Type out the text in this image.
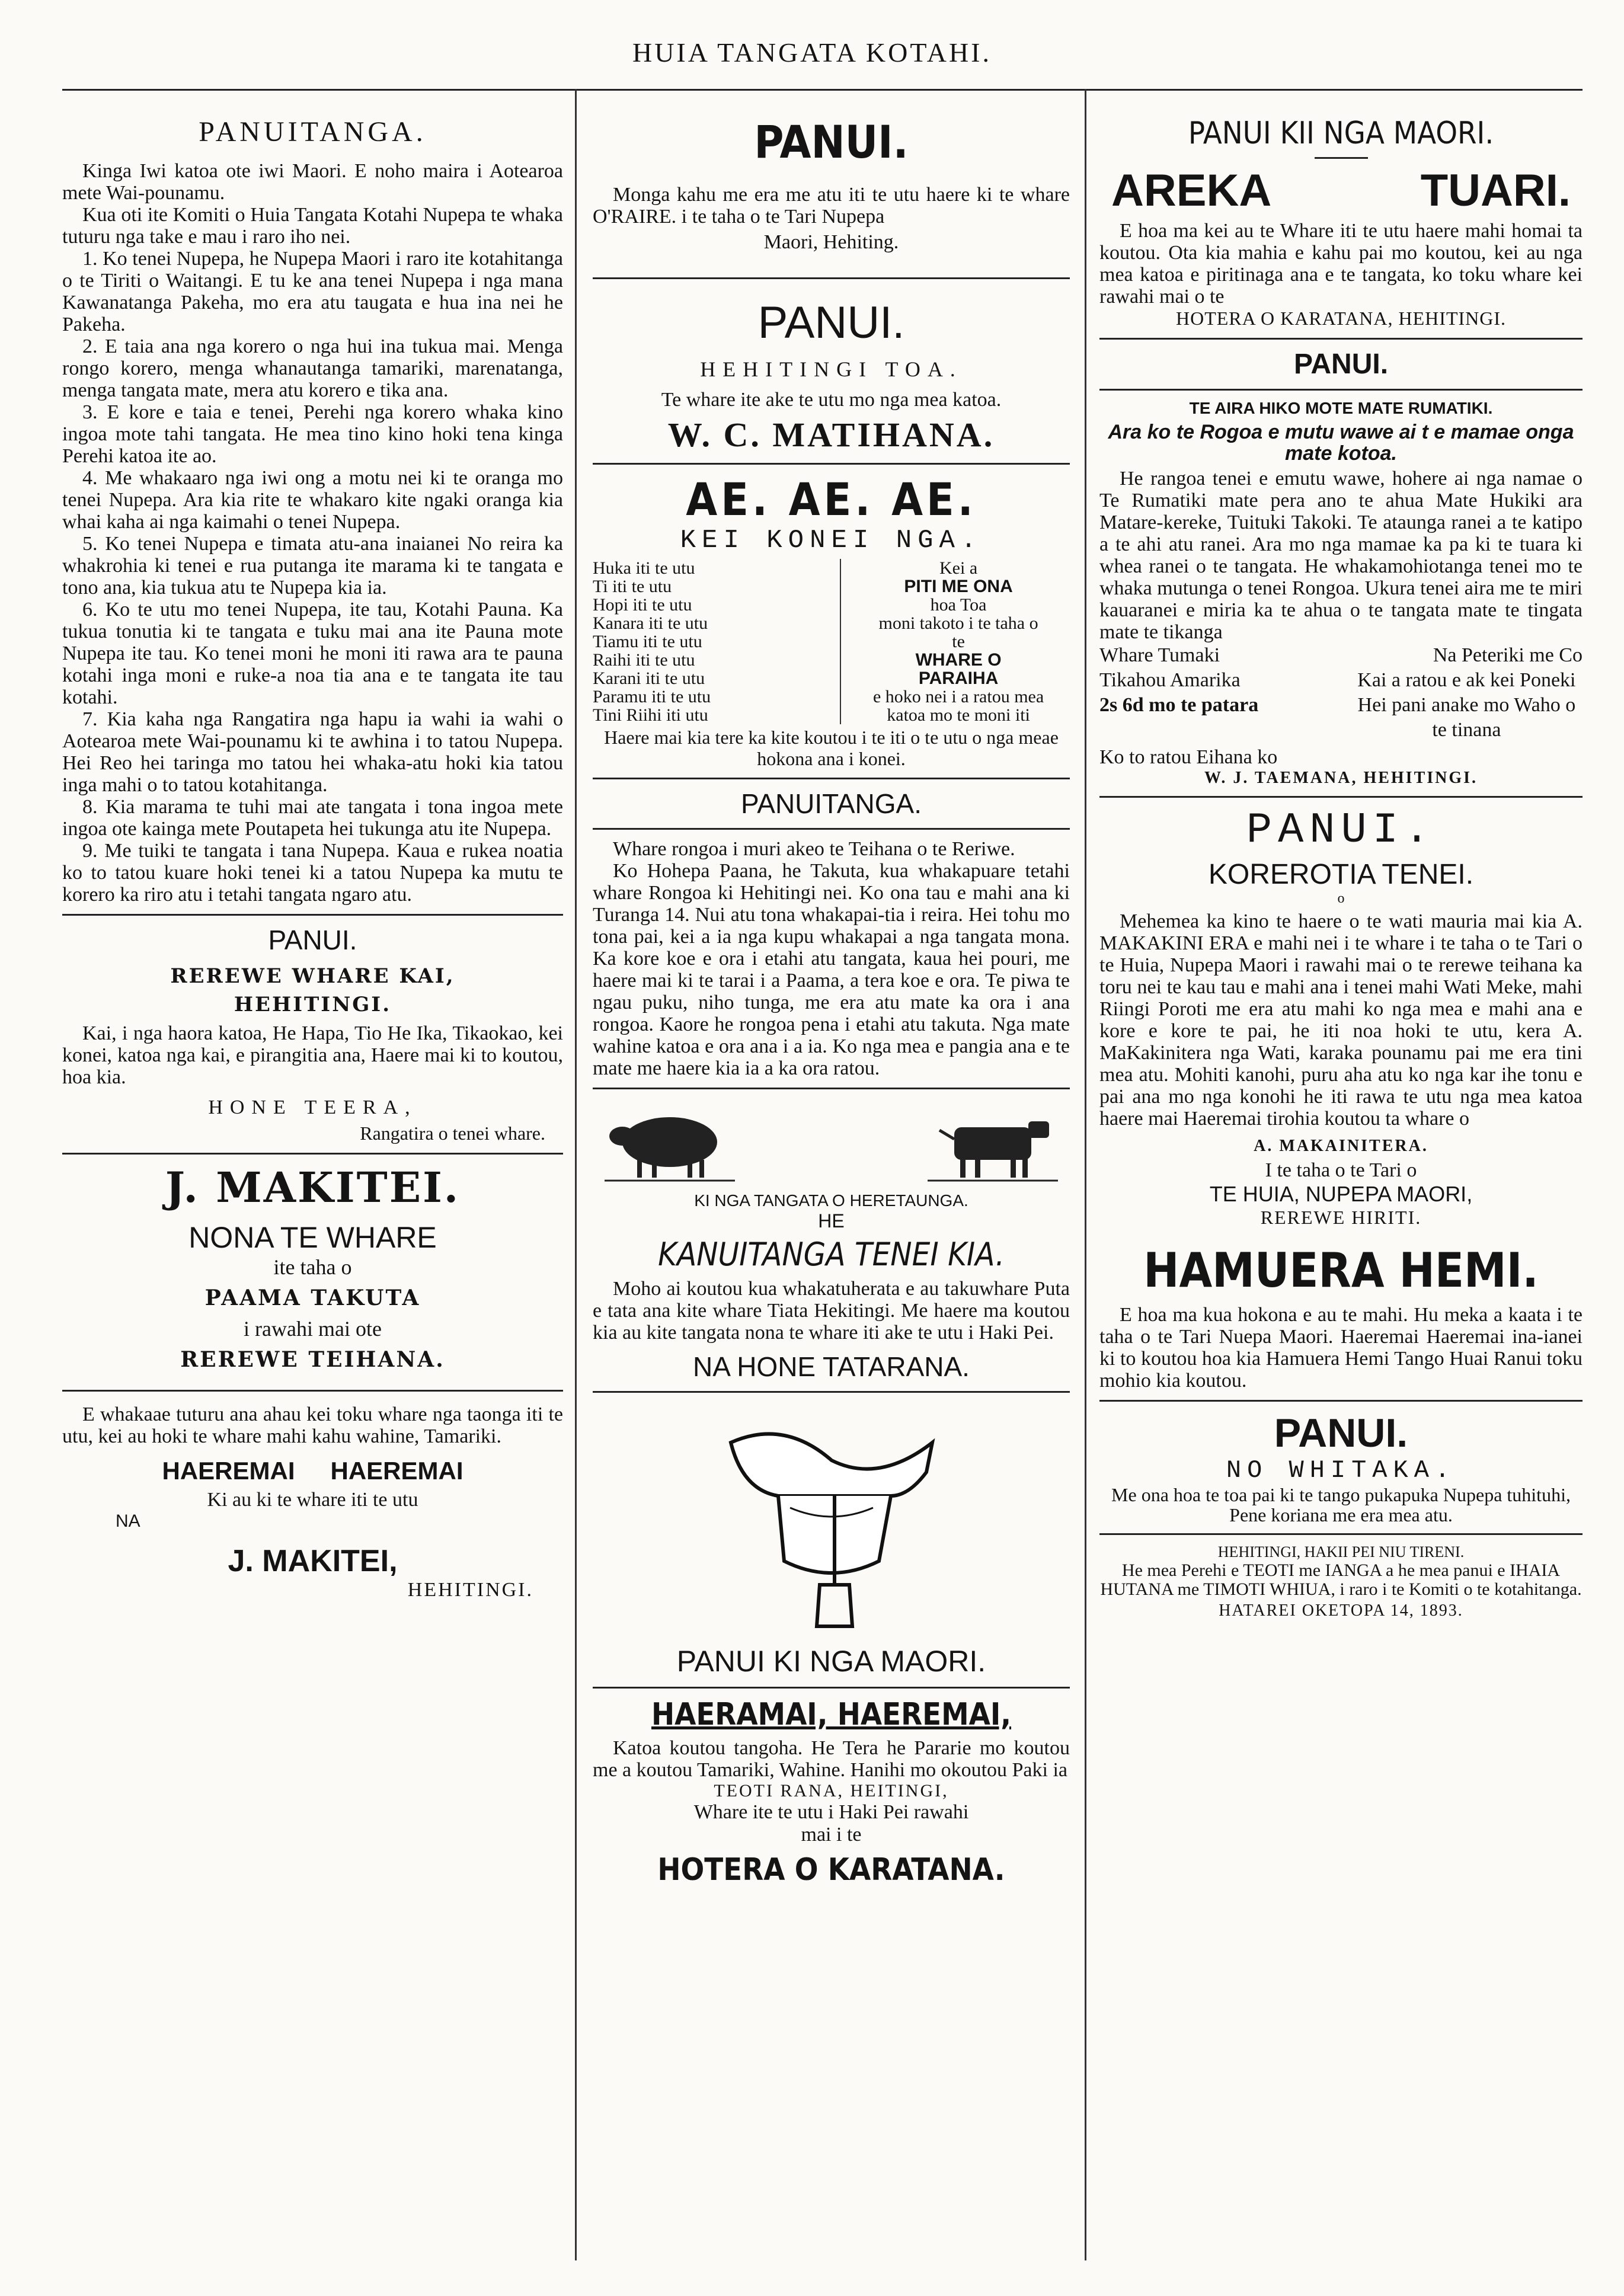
HUIA TANGATA KOTAHI.
PANUITANGA.

Kinga Iwi katoa ote iwi Maori. E noho maira i Aotearoa mete Wai-pounamu.

Kua oti ite Komiti o Huia Tangata Kotahi Nupepa te whaka tuturu nga take e mau i raro iho nei.

1. Ko tenei Nupepa, he Nupepa Maori i raro ite kotahitanga o te Tiriti o Waitangi. E tu ke ana tenei Nupepa i nga mana Kawanatanga Pakeha, mo era atu taugata e hua ina nei he Pakeha.

2. E taia ana nga korero o nga hui ina tukua mai. Menga rongo korero, menga whanautanga tamariki, marenatanga, menga tangata mate, mera atu korero e tika ana.

3. E kore e taia e tenei, Perehi nga korero whaka kino ingoa mote tahi tangata. He mea tino kino hoki tena kinga Perehi katoa ite ao.

4. Me whakaaro nga iwi ong a motu nei ki te oranga mo tenei Nupepa. Ara kia rite te whakaro kite ngaki oranga kia whai kaha ai nga kaimahi o tenei Nupepa.

5. Ko tenei Nupepa e timata atu-ana inaianei No reira ka whakrohia ki tenei e rua putanga ite marama ki te tangata e tono ana, kia tukua atu te Nupepa kia ia.

6. Ko te utu mo tenei Nupepa, ite tau, Kotahi Pauna. Ka tukua tonutia ki te tangata e tuku mai ana ite Pauna mote Nupepa ite tau. Ko tenei moni he moni iti rawa ara te pauna kotahi inga moni e ruke-a noa tia ana e te tangata ite tau kotahi.

7. Kia kaha nga Rangatira nga hapu ia wahi ia wahi o Aotearoa mete Wai-pounamu ki te awhina i to tatou Nupepa. Hei Reo hei taringa mo tatou hei whaka-atu hoki kia tatou inga mahi o to tatou kotahitanga.

8. Kia marama te tuhi mai ate tangata i tona ingoa mete ingoa ote kainga mete Poutapeta hei tukunga atu ite Nupepa.

9. Me tuiki te tangata i tana Nupepa. Kaua e rukea noatia ko to tatou kuare hoki tenei ki a tatou Nupepa ka mutu te korero ka riro atu i tetahi tangata ngaro atu.

PANUI.
REREWE WHARE KAI,
HEHITINGI.

Kai, i nga haora katoa, He Hapa, Tio He Ika, Tikaokao, kei konei, katoa nga kai, e pirangitia ana, Haere mai ki to koutou, hoa kia.

HONE TEERA,
Rangatira o tenei whare.
J. MAKITEI.
NONA TE WHARE
ite taha o
PAAMA TAKUTA
i rawahi mai ote
REREWE TEIHANA.

E whakaae tuturu ana ahau kei toku whare nga taonga iti te utu, kei au hoki te whare mahi kahu wahine, Tamariki.

HAEREMAI HAEREMAI
Ki au ki te whare iti te utu
NA
J. MAKITEI,
HEHITINGI.
PANUI.

Monga kahu me era me atu iti te utu haere ki te whare O'RAIRE. i te taha o te Tari Nupepa

Maori, Hehiting.
PANUI.
HEHITINGI TOA.
Te whare ite ake te utu mo nga mea katoa.
W. C. MATIHANA.
AE. AE. AE.
KEI KONEI NGA.
Huka iti te utu
Ti iti te utu
Hopi iti te utu
Kanara iti te utu
Tiamu iti te utu
Raihi iti te utu
Karani iti te utu
Paramu iti te utu
Tini Riihi iti utu
Kei a
PITI ME ONA
hoa Toa
moni takoto i te taha o
te
WHARE O
PARAIHA
e hoko nei i a ratou mea
katoa mo te moni iti
Haere mai kia tere ka kite koutou i te iti o te utu o nga meae hokona ana i konei.
PANUITANGA.

Whare rongoa i muri akeo te Teihana o te Reriwe.

Ko Hohepa Paana, he Takuta, kua whakapuare tetahi whare Rongoa ki Hehitingi nei. Ko ona tau e mahi ana ki Turanga 14. Nui atu tona whakapai-tia i reira. Hei tohu mo tona pai, kei a ia nga kupu whakapai a nga tangata mona. Ka kore koe e ora i etahi atu tangata, kaua hei pouri, me haere mai ki te tarai i a Paama, a tera koe e ora. Te piwa te ngau puku, niho tunga, me era atu mate ka ora i ana rongoa. Kaore he rongoa pena i etahi atu takuta. Nga mate wahine katoa e ora ana i a ia. Ko nga mea e pangia ana e te mate me haere kia ia a ka ora ratou.

KI NGA TANGATA O HERETAUNGA.
HE
KANUITANGA TENEI KIA.

Moho ai koutou kua whakatuherata e au takuwhare Puta e tata ana kite whare Tiata Hekitingi. Me haere ma koutou kia au kite tangata nona te whare iti ake te utu i Haki Pei.

NA HONE TATARANA.
PANUI KI NGA MAORI.
HAERAMAI, HAEREMAI,

Katoa koutou tangoha. He Tera he Pararie mo koutou me a koutou Tamariki, Wahine. Hanihi mo okoutou Paki ia

TEOTI RANA, HEITINGI,
Whare ite te utu i Haki Pei rawahi
mai i te
HOTERA O KARATANA.
PANUI KII NGA MAORI.
AREKA	TUARI.

E hoa ma kei au te Whare iti te utu haere mahi homai ta koutou. Ota kia mahia e kahu pai mo koutou, kei au nga mea katoa e piritinaga ana e te tangata, ko toku whare kei rawahi mai o te

HOTERA O KARATANA, HEHITINGI.
PANUI.
TE AIRA HIKO MOTE MATE RUMATIKI.
Ara ko te Rogoa e mutu wawe ai t e mamae onga mate kotoa.

He rangoa tenei e emutu wawe, hohere ai nga namae o Te Rumatiki mate pera ano te ahua Mate Hukiki ara Matare-kereke, Tuituki Takoki. Te ataunga ranei a te katipo a te ahi atu ranei. Ara mo nga mamae ka pa ki te tuara ki whea ranei o te tangata. He whakamohiotanga tenei mo te whaka mutunga o tenei Rongoa. Ukura tenei aira me te miri kauaranei e miria ka te ahua o te tangata mate te tingata mate te tikanga

Whare Tumaki	Na Peteriki me Co
Tikahou Amarika	Kai a ratou e ak kei Poneki
2s 6d mo te patara	Hei pani anake mo Waho o te tinana
Ko to ratou Eihana ko
W. J. TAEMANA, HEHITINGI.
PANUI.
KOREROTIA TENEI.
o

Mehemea ka kino te haere o te wati mauria mai kia A. MAKAKINI ERA e mahi nei i te whare i te taha o te Tari o te Huia, Nupepa Maori i rawahi mai o te rerewe teihana ka toru nei te kau tau e mahi ana i tenei mahi Wati Meke, mahi Riingi Poroti me era atu mahi ko nga mea e mahi ana e kore e kore te pai, he iti noa hoki te utu, kera A. MaKakinitera nga Wati, karaka pounamu pai me era tini mea atu. Mohiti kanohi, puru aha atu ko nga kar ihe tonu e pai ana mo nga konohi he iti rawa te utu nga mea katoa haere mai Haeremai tirohia koutou ta whare o

A. MAKAINITERA.
I te taha o te Tari o
TE HUIA, NUPEPA MAORI,
REREWE HIRITI.
HAMUERA HEMI.

E hoa ma kua hokona e au te mahi. Hu meka a kaata i te taha o te Tari Nuepa Maori. Haeremai Haeremai ina-ianei ki to koutou hoa kia Hamuera Hemi Tango Huai Ranui toku mohio kia koutou.

PANUI.
NO WHITAKA.
Me ona hoa te toa pai ki te tango pukapuka Nupepa tuhituhi, Pene koriana me era mea atu.
HEHITINGI, HAKII PEI NIU TIRENI.
He mea Perehi e TEOTI me IANGA a he mea panui e IHAIA HUTANA me TIMOTI WHIUA, i raro i te Komiti o te kotahitanga.
HATAREI OKETOPA 14, 1893.
